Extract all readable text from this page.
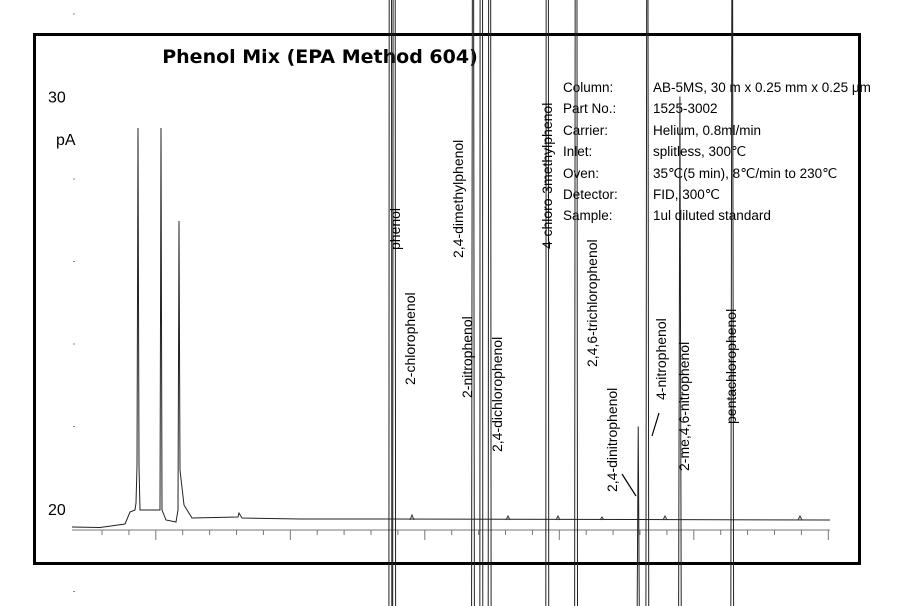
Phenol Mix (EPA Method 604)
Column:	AB-5MS, 30 m x 0.25 mm x 0.25 μm
Part No.:	1525-3002
Carrier:	Helium, 0.8ml/min
Inlet:	splitless, 300℃
Oven:	35℃(5 min), 8℃/min to 230℃
Detector:	FID, 300℃
Sample:	1ul diluted standard
pA
20
30
phenol
2-chlorophenol	2-nitrophenol
2,4-dimethylphenol
2,4-dichlorophenol
4-chloro-3methylphenol
2,4,6-trichlorophenol
2,4-dinitrophenol
4-nitrophenol 2-me,4,6-nitrophenol pentachlorophenol
